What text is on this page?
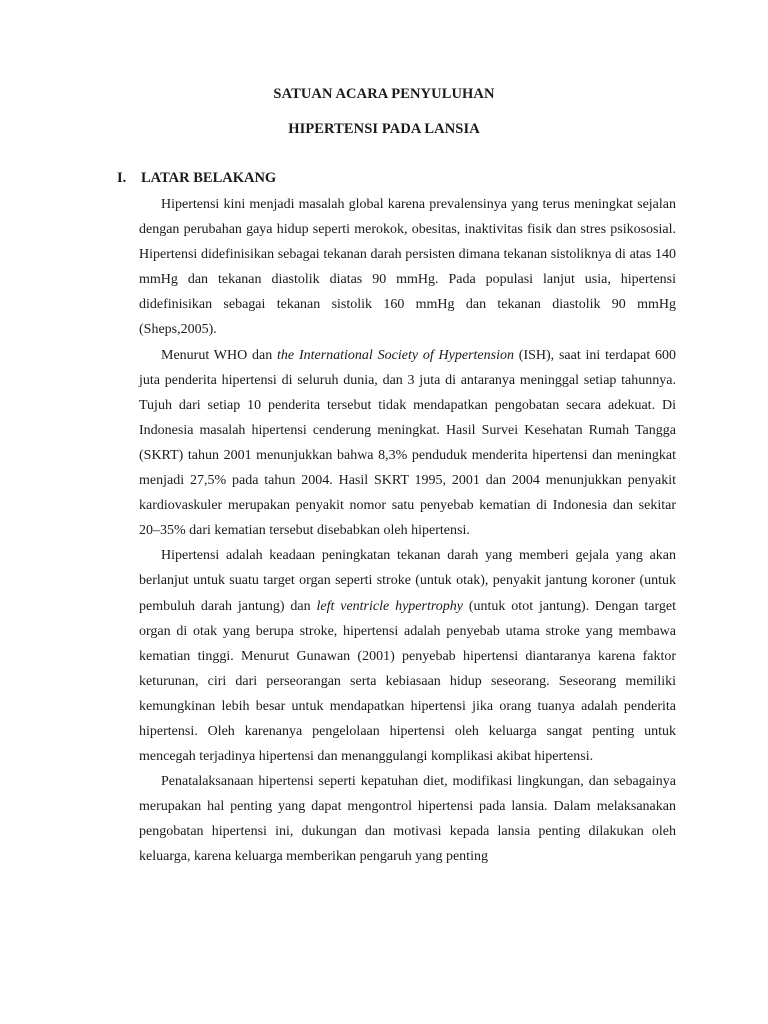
SATUAN ACARA PENYULUHAN
HIPERTENSI PADA LANSIA
I.	LATAR BELAKANG

Hipertensi kini menjadi masalah global karena prevalensinya yang terus meningkat sejalan dengan perubahan gaya hidup seperti merokok, obesitas, inaktivitas fisik dan stres psikososial. Hipertensi didefinisikan sebagai tekanan darah persisten dimana tekanan sistoliknya di atas 140 mmHg dan tekanan diastolik diatas 90 mmHg. Pada populasi lanjut usia, hipertensi didefinisikan sebagai tekanan sistolik 160 mmHg dan tekanan diastolik 90 mmHg (Sheps,2005).

Menurut WHO dan the International Society of Hypertension (ISH), saat ini terdapat 600 juta penderita hipertensi di seluruh dunia, dan 3 juta di antaranya meninggal setiap tahunnya. Tujuh dari setiap 10 penderita tersebut tidak mendapatkan pengobatan secara adekuat. Di Indonesia masalah hipertensi cenderung meningkat. Hasil Survei Kesehatan Rumah Tangga (SKRT) tahun 2001 menunjukkan bahwa 8,3% penduduk menderita hipertensi dan meningkat menjadi 27,5% pada tahun 2004. Hasil SKRT 1995, 2001 dan 2004 menunjukkan penyakit kardiovaskuler merupakan penyakit nomor satu penyebab kematian di Indonesia dan sekitar 20–35% dari kematian tersebut disebabkan oleh hipertensi.

Hipertensi adalah keadaan peningkatan tekanan darah yang memberi gejala yang akan berlanjut untuk suatu target organ seperti stroke (untuk otak), penyakit jantung koroner (untuk pembuluh darah jantung) dan left ventricle hypertrophy (untuk otot jantung). Dengan target organ di otak yang berupa stroke, hipertensi adalah penyebab utama stroke yang membawa kematian tinggi. Menurut Gunawan (2001) penyebab hipertensi diantaranya karena faktor keturunan, ciri dari perseorangan serta kebiasaan hidup seseorang. Seseorang memiliki kemungkinan lebih besar untuk mendapatkan hipertensi jika orang tuanya adalah penderita hipertensi. Oleh karenanya pengelolaan hipertensi oleh keluarga sangat penting untuk mencegah terjadinya hipertensi dan menanggulangi komplikasi akibat hipertensi.

Penatalaksanaan hipertensi seperti kepatuhan diet, modifikasi lingkungan, dan sebagainya merupakan hal penting yang dapat mengontrol hipertensi pada lansia. Dalam melaksanakan pengobatan hipertensi ini, dukungan dan motivasi kepada lansia penting dilakukan oleh keluarga, karena keluarga memberikan pengaruh yang penting
